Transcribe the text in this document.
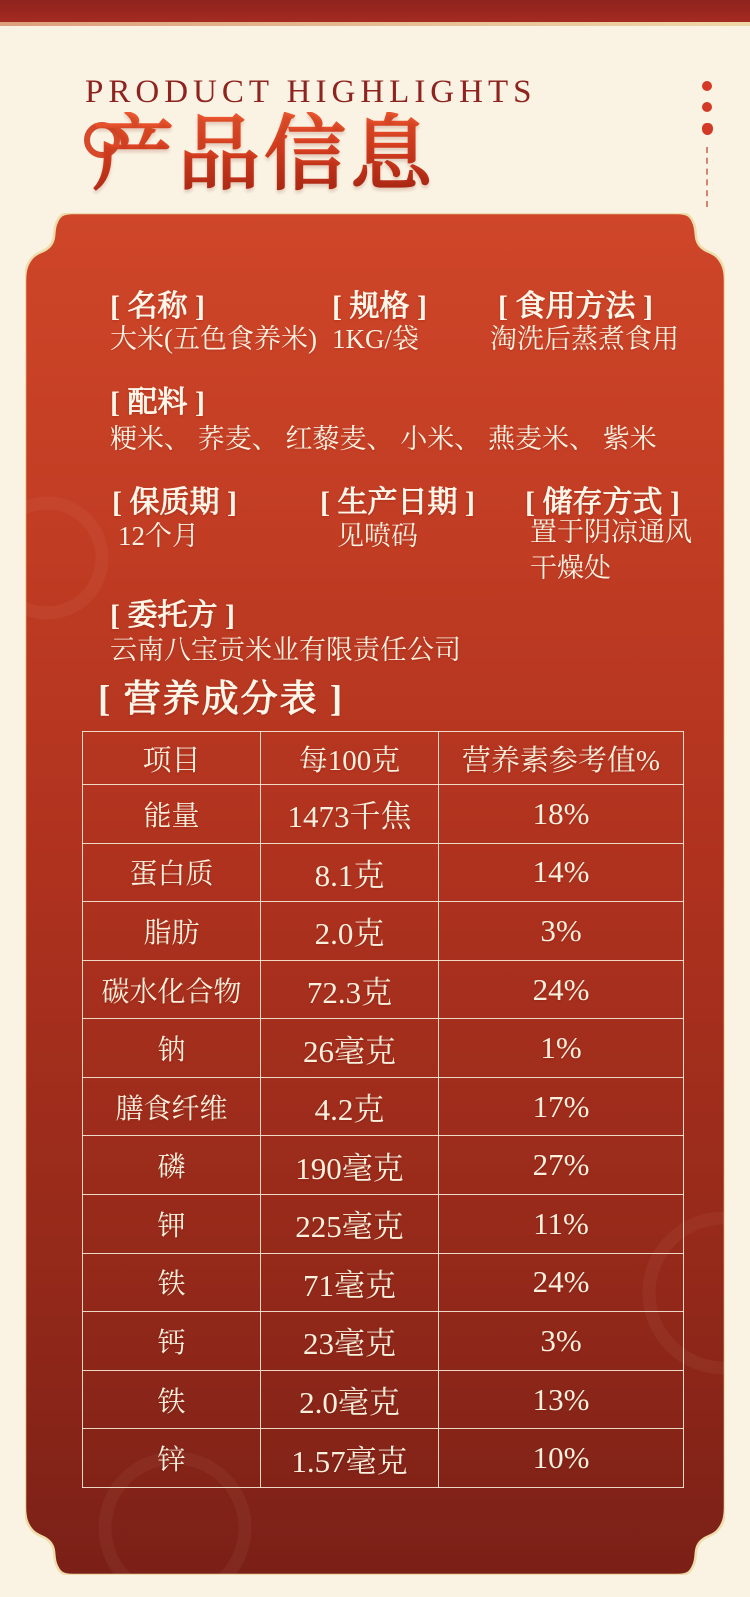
PRODUCT HIGHLIGHTS
产品信息
[ 名称 ]
大米(五色食养米)
[ 规格 ]
1KG/袋
[ 食用方法 ]
淘洗后蒸煮食用
[ 配料 ]
粳米、 荞麦、 红藜麦、 小米、 燕麦米、 紫米
[ 保质期 ]
12个月
[ 生产日期 ]
见喷码
[ 储存方式 ]
置于阴凉通风干燥处
[ 委托方 ]
云南八宝贡米业有限责任公司
[ 营养成分表 ]
项目	每100克	营养素参考值%
能量	1473千焦	18%
蛋白质	8.1克	14%
脂肪	2.0克	3%
碳水化合物	72.3克	24%
钠	26毫克	1%
膳食纤维	4.2克	17%
磷	190毫克	27%
钾	225毫克	11%
铁	71毫克	24%
钙	23毫克	3%
铁	2.0毫克	13%
锌	1.57毫克	10%
